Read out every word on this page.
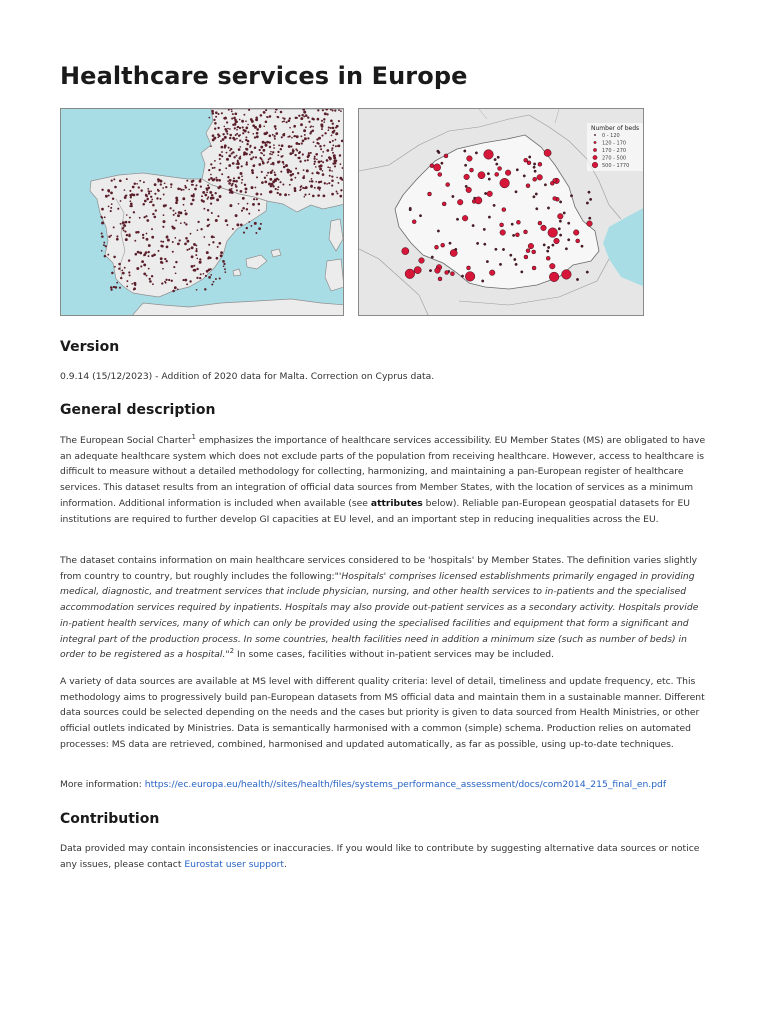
Healthcare services in Europe
Number of beds
0 - 120
120 - 170
170 - 270
270 - 500
500 - 1770
Version

0.9.14 (15/12/2023) - Addition of 2020 data for Malta. Correction on Cyprus data.

General description

The European Social Charter$^1$ emphasizes the importance of healthcare services accessibility. EU Member States (MS) are obligated to have an adequate healthcare system which does not exclude parts of the population from receiving healthcare. However, access to healthcare is difficult to measure without a detailed methodology for collecting, harmonizing, and maintaining a pan-European register of healthcare services. This dataset results from an integration of official data sources from Member States, with the location of services as a minimum information. Additional information is included when available (see attributes below). Reliable pan-European geospatial datasets for EU institutions are required to further develop GI capacities at EU level, and an important step in reducing inequalities across the EU.

The dataset contains information on main healthcare services considered to be 'hospitals' by Member States. The definition varies slightly from country to country, but roughly includes the following:"'Hospitals' comprises licensed establishments primarily engaged in providing medical, diagnostic, and treatment services that include physician, nursing, and other health services to in-patients and the specialised accommodation services required by inpatients. Hospitals may also provide out-patient services as a secondary activity. Hospitals provide in-patient health services, many of which can only be provided using the specialised facilities and equipment that form a significant and integral part of the production process. In some countries, health facilities need in addition a minimum size (such as number of beds) in order to be registered as a hospital."$^2$ In some cases, facilities without in-patient services may be included.

A variety of data sources are available at MS level with different quality criteria: level of detail, timeliness and update frequency, etc. This methodology aims to progressively build pan-European datasets from MS official data and maintain them in a sustainable manner. Different data sources could be selected depending on the needs and the cases but priority is given to data sourced from Health Ministries, or other official outlets indicated by Ministries. Data is semantically harmonised with a common (simple) schema. Production relies on automated processes: MS data are retrieved, combined, harmonised and updated automatically, as far as possible, using up-to-date techniques.

More information: https://ec.europa.eu/health//sites/health/files/systems_performance_assessment/docs/com2014_215_final_en.pdf

Contribution

Data provided may contain inconsistencies or inaccuracies. If you would like to contribute by suggesting alternative data sources or notice any issues, please contact Eurostat user support.
